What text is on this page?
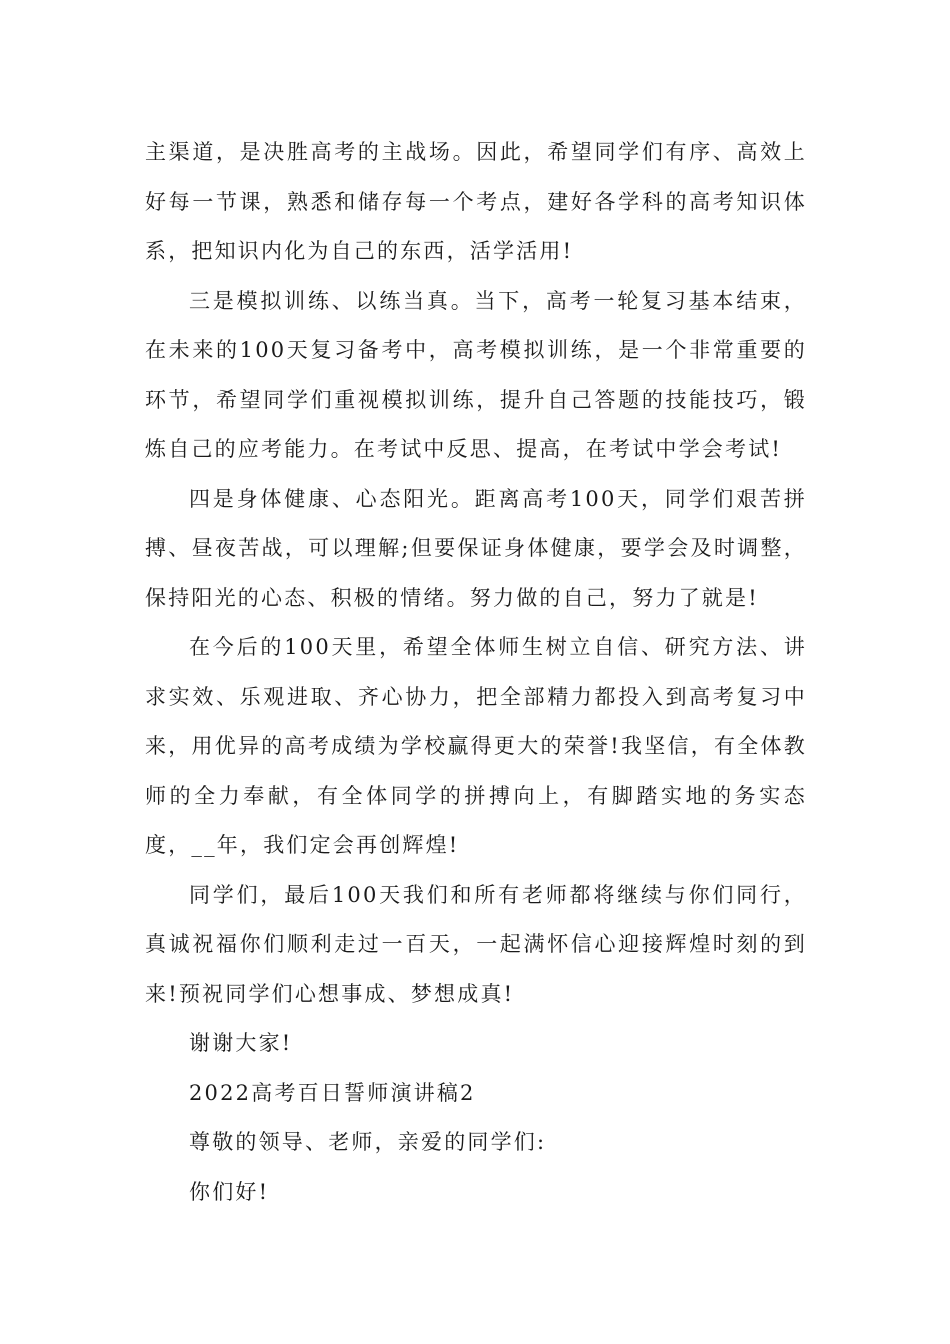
主渠道，是决胜高考的主战场。因此，希望同学们有序、高效上好每一节课，熟悉和储存每一个考点，建好各学科的高考知识体系，把知识内化为自己的东西，活学活用!

三是模拟训练、以练当真。当下，高考一轮复习基本结束，在未来的100天复习备考中，高考模拟训练，是一个非常重要的环节，希望同学们重视模拟训练，提升自己答题的技能技巧，锻炼自己的应考能力。在考试中反思、提高，在考试中学会考试!

四是身体健康、心态阳光。距离高考100天，同学们艰苦拼搏、昼夜苦战，可以理解;但要保证身体健康，要学会及时调整，保持阳光的心态、积极的情绪。努力做的自己，努力了就是!

在今后的100天里，希望全体师生树立自信、研究方法、讲求实效、乐观进取、齐心协力，把全部精力都投入到高考复习中来，用优异的高考成绩为学校赢得更大的荣誉!我坚信，有全体教师的全力奉献，有全体同学的拼搏向上，有脚踏实地的务实态度，__年，我们定会再创辉煌!

同学们，最后100天我们和所有老师都将继续与你们同行，真诚祝福你们顺利走过一百天，一起满怀信心迎接辉煌时刻的到来!预祝同学们心想事成、梦想成真!

谢谢大家!

2022高考百日誓师演讲稿2

尊敬的领导、老师，亲爱的同学们:

你们好!
